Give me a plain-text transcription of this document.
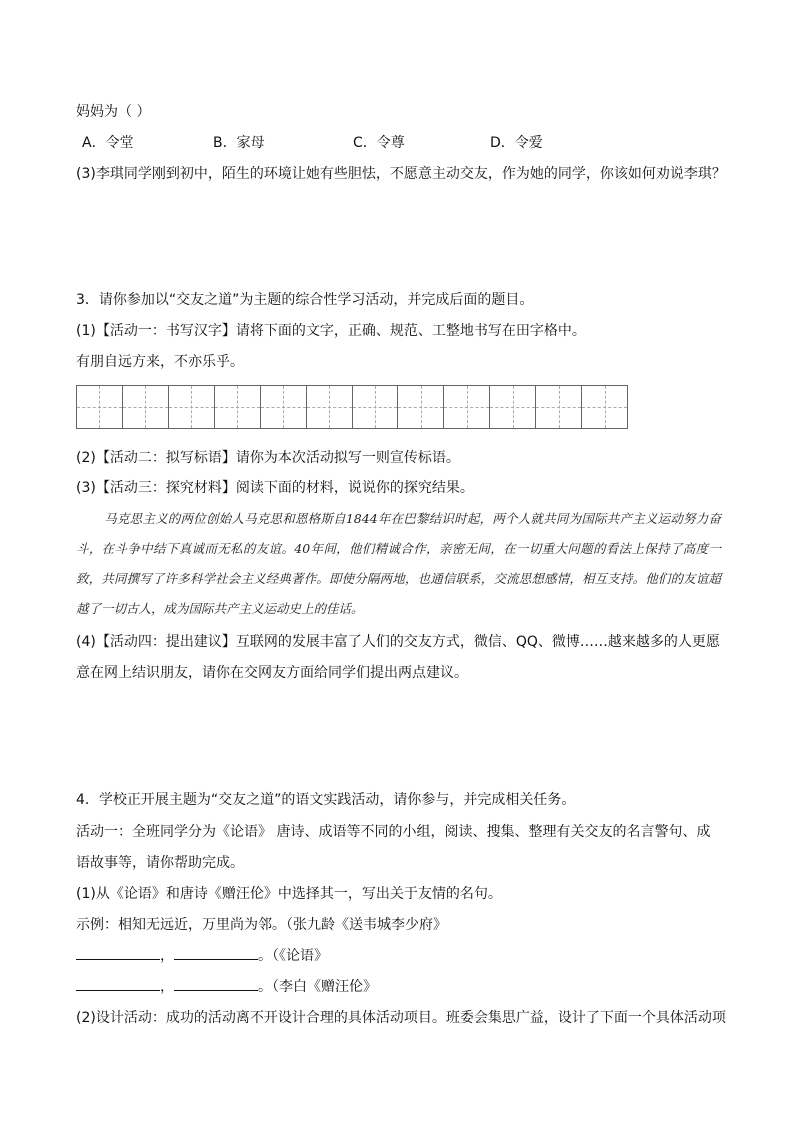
妈妈为（ ）
A．令堂	B．家母	C．令尊	D．令爱
(3)李琪同学刚到初中，陌生的环境让她有些胆怯，不愿意主动交友，作为她的同学，你该如何劝说李琪？
3．请你参加以“交友之道”为主题的综合性学习活动，并完成后面的题目。
(1)【活动一：书写汉字】请将下面的文字，正确、规范、工整地书写在田字格中。
有朋自远方来，不亦乐乎。
(2)【活动二：拟写标语】请你为本次活动拟写一则宣传标语。
(3)【活动三：探究材料】阅读下面的材料，说说你的探究结果。
马克思主义的两位创始人马克思和恩格斯自1844年在巴黎结识时起，两个人就共同为国际共产主义运动努力奋斗，在斗争中结下真诚而无私的友谊。40年间，他们精诚合作，亲密无间，在一切重大问题的看法上保持了高度一致，共同撰写了许多科学社会主义经典著作。即使分隔两地，也通信联系，交流思想感情，相互支持。他们的友谊超越了一切古人，成为国际共产主义运动史上的佳话。
(4)【活动四：提出建议】互联网的发展丰富了人们的交友方式，微信、QQ、微博……越来越多的人更愿
意在网上结识朋友，请你在交网友方面给同学们提出两点建议。
4．学校正开展主题为“交友之道”的语文实践活动，请你参与，并完成相关任务。
活动一：全班同学分为《论语》 唐诗、成语等不同的小组，阅读、搜集、整理有关交友的名言警句、成
语故事等，请你帮助完成。
(1)从《论语》和唐诗《赠汪伦》中选择其一，写出关于友情的名句。
示例：相知无远近，万里尚为邻。（张九龄《送韦城李少府》
，	。（《论语》
，	。（李白《赠汪伦》
(2)设计活动：成功的活动离不开设计合理的具体活动项目。班委会集思广益，设计了下面一个具体活动项
